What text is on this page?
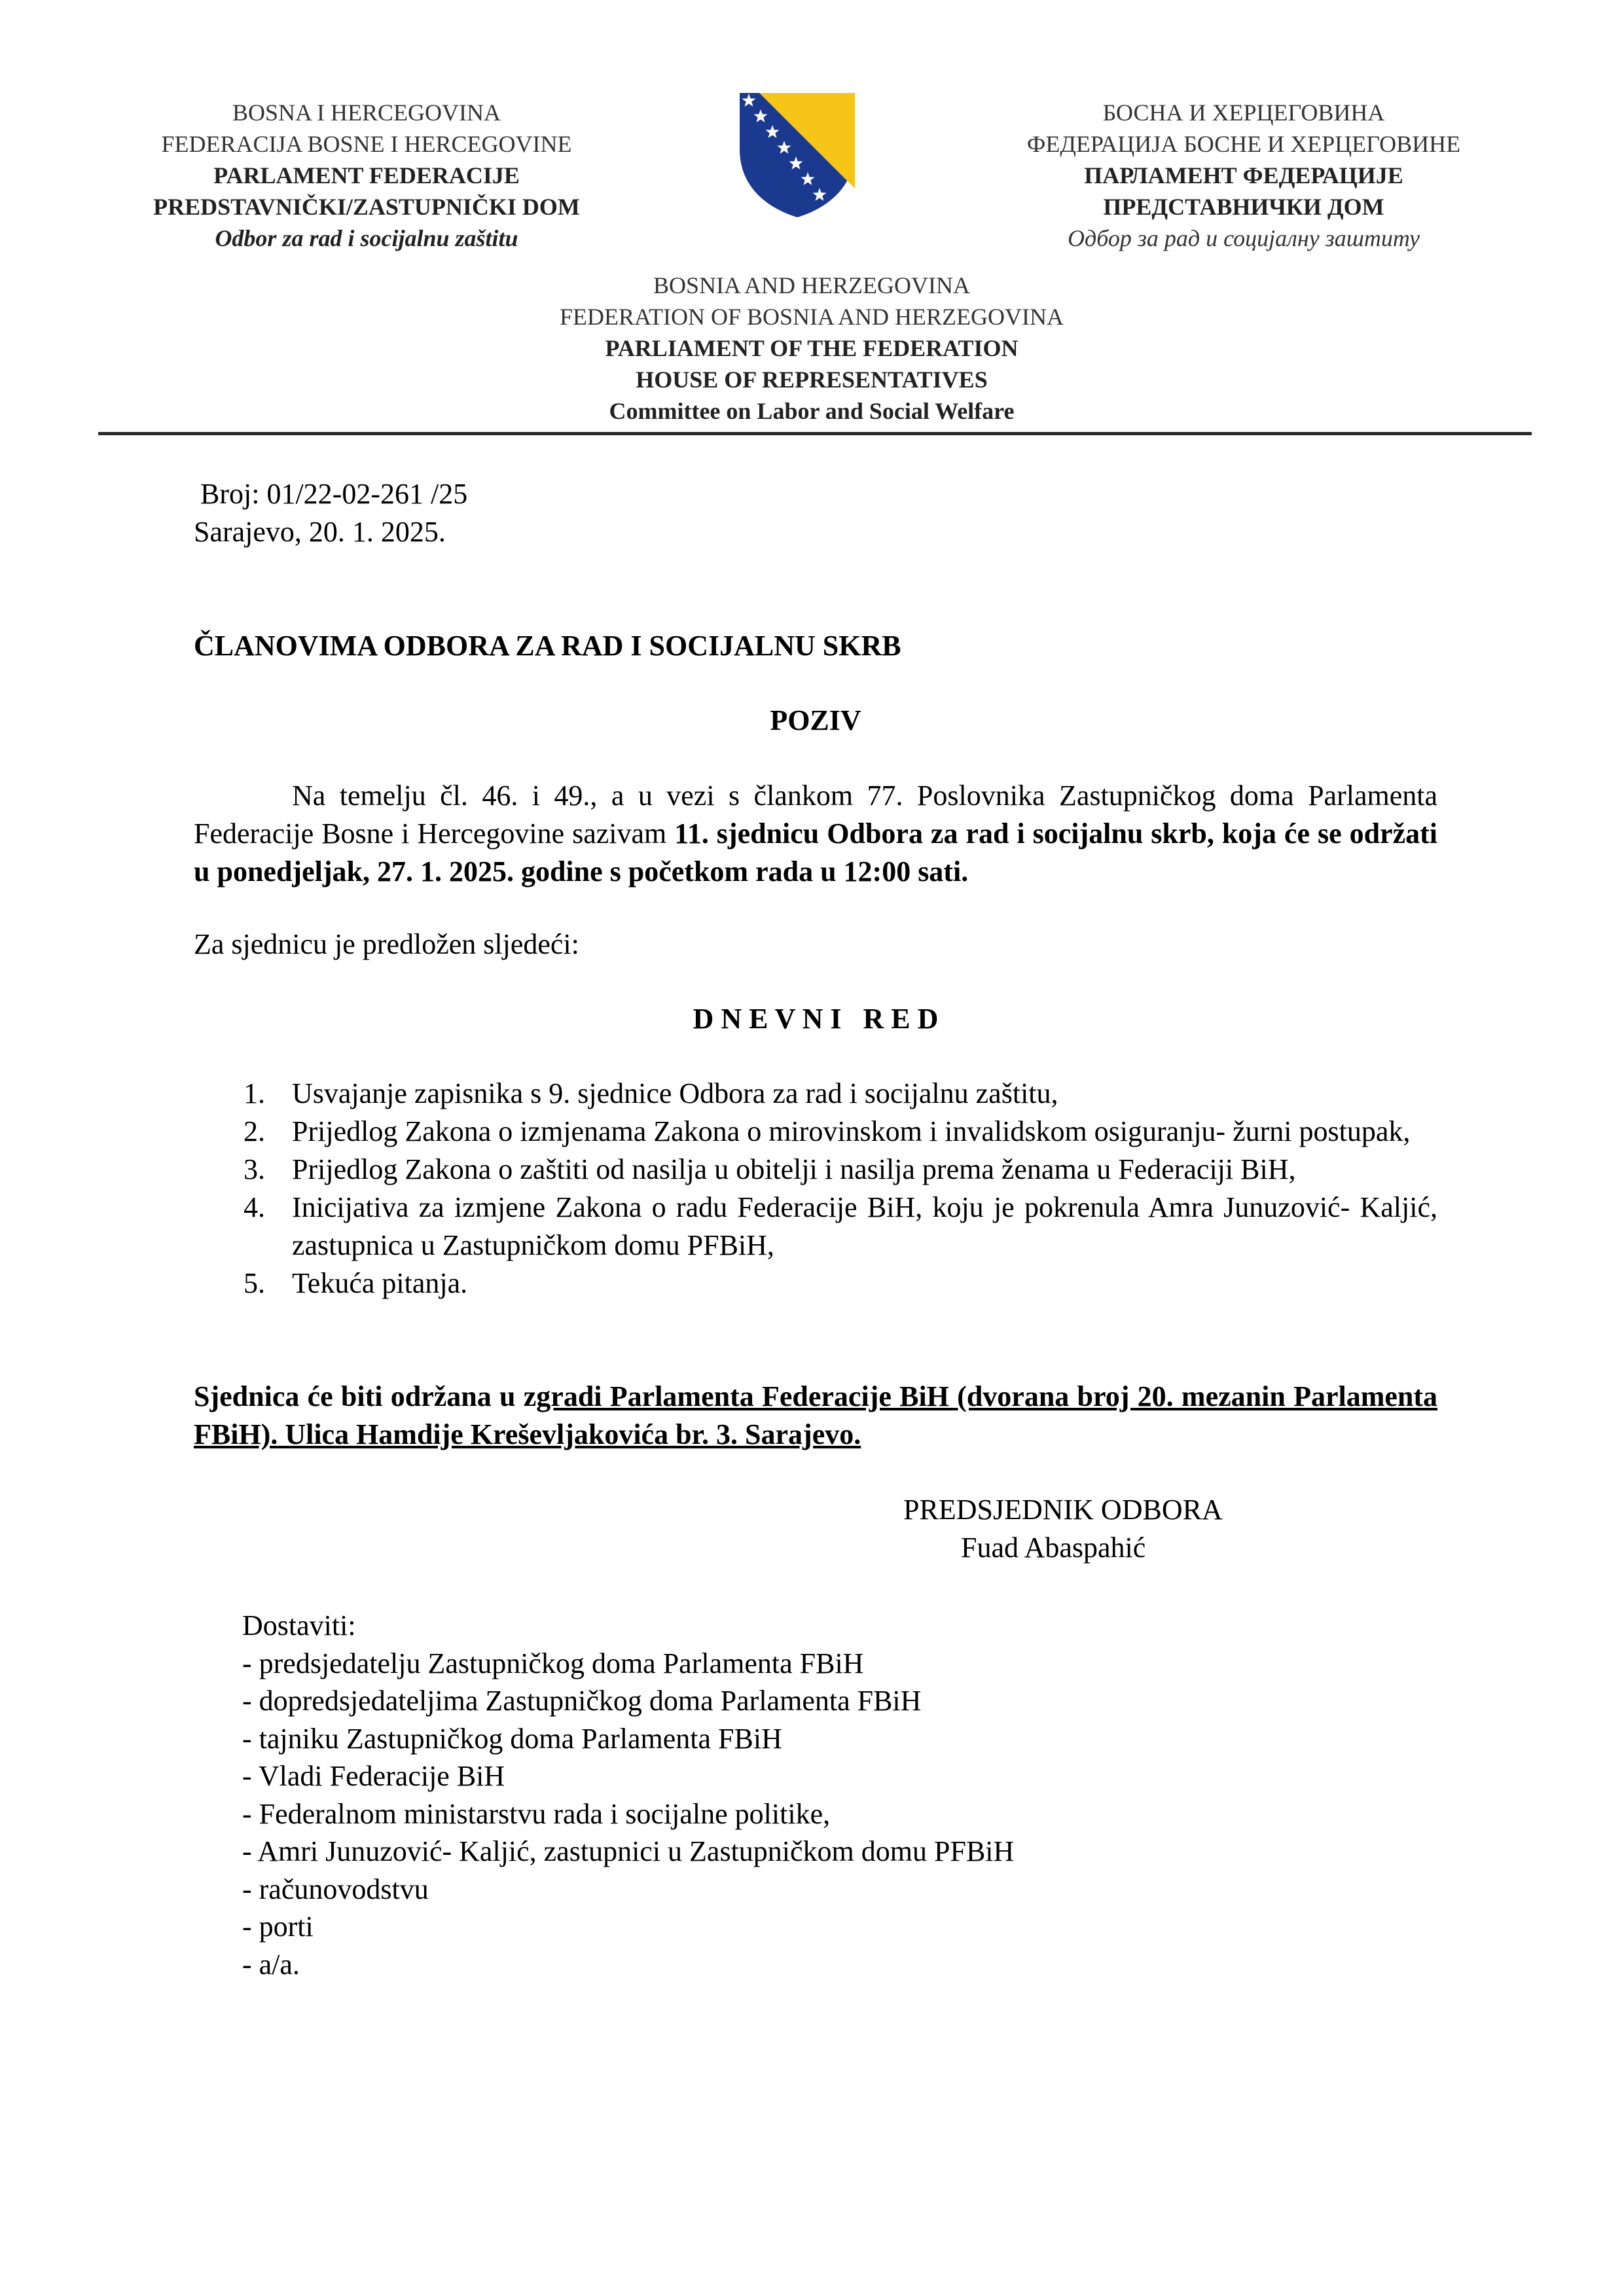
BOSNA I HERCEGOVINA
FEDERACIJA BOSNE I HERCEGOVINE
PARLAMENT FEDERACIJE
PREDSTAVNIČKI/ZASTUPNIČKI DOM
Odbor za rad i socijalnu zaštitu
БОСНА И ХЕРЦЕГОВИНА
ФЕДЕРАЦИЈА БОСНЕ И ХЕРЦЕГОВИНЕ
ПАРЛАМЕНТ ФЕДЕРАЦИЈЕ
ПРЕДСТАВНИЧКИ ДОМ
Одбор за рад и социјалну заштиту
BOSNIA AND HERZEGOVINA
FEDERATION OF BOSNIA AND HERZEGOVINA
PARLIAMENT OF THE FEDERATION
HOUSE OF REPRESENTATIVES
Committee on Labor and Social Welfare
Broj: 01/22-02-261 /25
Sarajevo, 20. 1. 2025.
ČLANOVIMA ODBORA ZA RAD I SOCIJALNU SKRB
POZIV
Na temelju čl. 46. i 49., a u vezi s člankom 77. Poslovnika Zastupničkog doma Parlamenta Federacije Bosne i Hercegovine sazivam 11. sjednicu Odbora za rad i socijalnu skrb, koja će se održati u ponedjeljak, 27. 1. 2025. godine s početkom rada u 12:00 sati.
Za sjednicu je predložen sljedeći:
D N E V N I   R E D
1. Usvajanje zapisnika s 9. sjednice Odbora za rad i socijalnu zaštitu,
2. Prijedlog Zakona o izmjenama Zakona o mirovinskom i invalidskom osiguranju- žurni postupak,
3. Prijedlog Zakona o zaštiti od nasilja u obitelji i nasilja prema ženama u Federaciji BiH,
4. Inicijativa za izmjene Zakona o radu Federacije BiH, koju je pokrenula Amra Junuzović- Kaljić, zastupnica u Zastupničkom domu PFBiH,
5. Tekuća pitanja.
Sjednica će biti održana u zgradi Parlamenta Federacije BiH (dvorana broj 20. mezanin Parlamenta FBiH). Ulica Hamdije Kreševljakovića br. 3. Sarajevo.
PREDSJEDNIK ODBORA
Fuad Abaspahić
Dostaviti:
- predsjedatelju Zastupničkog doma Parlamenta FBiH
- dopredsjedateljima Zastupničkog doma Parlamenta FBiH
- tajniku Zastupničkog doma Parlamenta FBiH
- Vladi Federacije BiH
- Federalnom ministarstvu rada i socijalne politike,
- Amri Junuzović- Kaljić, zastupnici u Zastupničkom domu PFBiH
- računovodstvu
- porti
- a/a.
